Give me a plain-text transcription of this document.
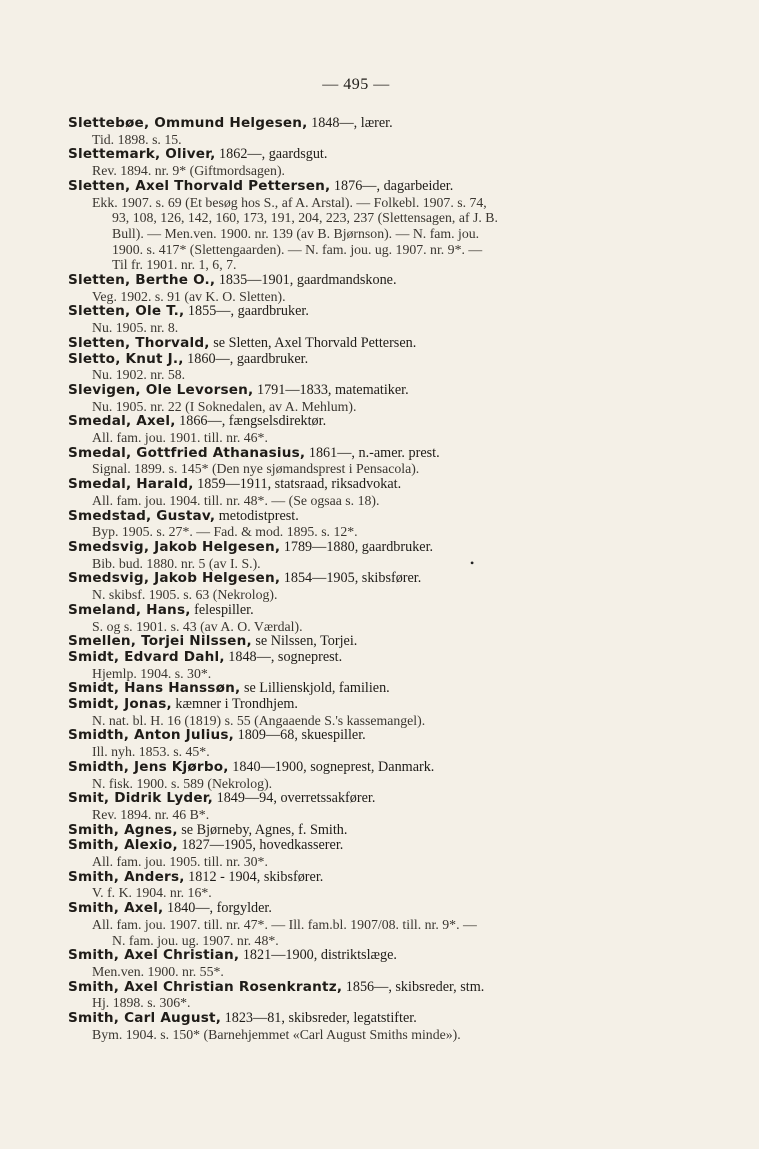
— 495 —

Slettebøe, Ommund Helgesen, 1848—, lærer.
Tid. 1898. s. 15.

Slettemark, Oliver, 1862—, gaardsgut.
Rev. 1894. nr. 9* (Giftmordsagen).

Sletten, Axel Thorvald Pettersen, 1876—, dagarbeider.
Ekk. 1907. s. 69 (Et besøg hos S., af A. Arstal). — Folkebl. 1907. s. 74,
93, 108, 126, 142, 160, 173, 191, 204, 223, 237 (Slettensagen, af J. B.
Bull). — Men.ven. 1900. nr. 139 (av B. Bjørnson). — N. fam. jou.
1900. s. 417* (Slettengaarden). — N. fam. jou. ug. 1907. nr. 9*. —
Til fr. 1901. nr. 1, 6, 7.

Sletten, Berthe O., 1835—1901, gaardmandskone.
Veg. 1902. s. 91 (av K. O. Sletten).

Sletten, Ole T., 1855—, gaardbruker.
Nu. 1905. nr. 8.

Sletten, Thorvald, se Sletten, Axel Thorvald Pettersen.

Sletto, Knut J., 1860—, gaardbruker.
Nu. 1902. nr. 58.

Slevigen, Ole Levorsen, 1791—1833, matematiker.
Nu. 1905. nr. 22 (I Soknedalen, av A. Mehlum).

Smedal, Axel, 1866—, fængselsdirektør.
All. fam. jou. 1901. till. nr. 46*.

Smedal, Gottfried Athanasius, 1861—, n.-amer. prest.
Signal. 1899. s. 145* (Den nye sjømandsprest i Pensacola).

Smedal, Harald, 1859—1911, statsraad, riksadvokat.
All. fam. jou. 1904. till. nr. 48*. — (Se ogsaa s. 18).

Smedstad, Gustav, metodistprest.
Byp. 1905. s. 27*. — Fad. & mod. 1895. s. 12*.

Smedsvig, Jakob Helgesen, 1789—1880, gaardbruker.
Bib. bud. 1880. nr. 5 (av I. S.).

Smedsvig, Jakob Helgesen, 1854—1905, skibsfører.
N. skibsf. 1905. s. 63 (Nekrolog).

Smeland, Hans, felespiller.
S. og s. 1901. s. 43 (av A. O. Værdal).

Smellen, Torjei Nilssen, se Nilssen, Torjei.

Smidt, Edvard Dahl, 1848—, sogneprest.
Hjemlp. 1904. s. 30*.

Smidt, Hans Hanssøn, se Lillienskjold, familien.

Smidt, Jonas, kæmner i Trondhjem.
N. nat. bl. H. 16 (1819) s. 55 (Angaaende S.'s kassemangel).

Smidth, Anton Julius, 1809—68, skuespiller.
Ill. nyh. 1853. s. 45*.

Smidth, Jens Kjørbo, 1840—1900, sogneprest, Danmark.
N. fisk. 1900. s. 589 (Nekrolog).

Smit, Didrik Lyder, 1849—94, overretssakfører.
Rev. 1894. nr. 46 B*.

Smith, Agnes, se Bjørneby, Agnes, f. Smith.

Smith, Alexio, 1827—1905, hovedkasserer.
All. fam. jou. 1905. till. nr. 30*.

Smith, Anders, 1812 - 1904, skibsfører.
V. f. K. 1904. nr. 16*.

Smith, Axel, 1840—, forgylder.
All. fam. jou. 1907. till. nr. 47*. — Ill. fam.bl. 1907/08. till. nr. 9*. —
N. fam. jou. ug. 1907. nr. 48*.

Smith, Axel Christian, 1821—1900, distriktslæge.
Men.ven. 1900. nr. 55*.

Smith, Axel Christian Rosenkrantz, 1856—, skibsreder, stm.
Hj. 1898. s. 306*.

Smith, Carl August, 1823—81, skibsreder, legatstifter.
Bym. 1904. s. 150* (Barnehjemmet «Carl August Smiths minde»).

•
